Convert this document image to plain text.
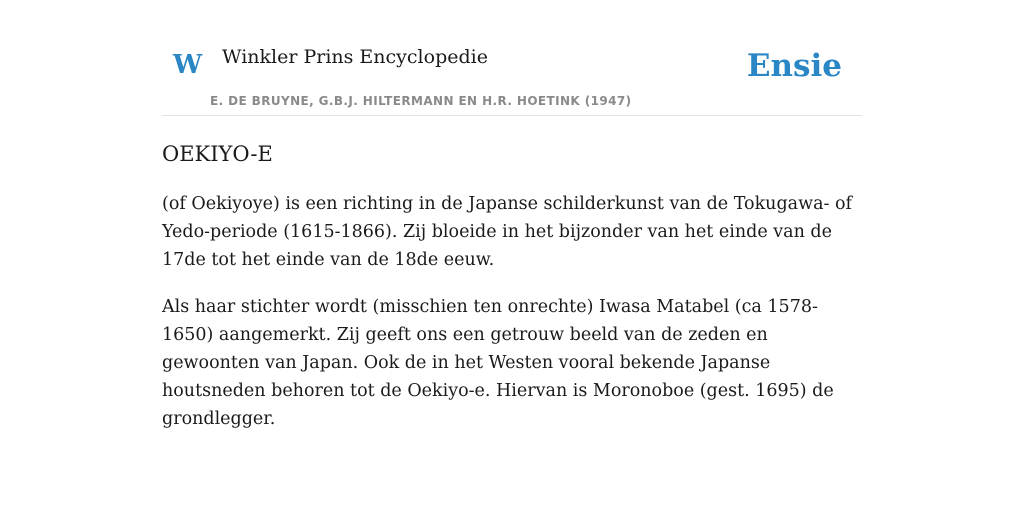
W Winkler Prins Encyclopedie
E. DE BRUYNE, G.B.J. HILTERMANN EN H.R. HOETINK (1947)
Ensie
OEKIYO-E

(of Oekiyoye) is een richting in de Japanse schilderkunst van de Tokugawa- of Yedo-periode (1615-1866). Zij bloeide in het bijzonder van het einde van de 17de tot het einde van de 18de eeuw.

Als haar stichter wordt (misschien ten onrechte) Iwasa Matabel (ca 1578-1650) aangemerkt. Zij geeft ons een getrouw beeld van de zeden en gewoonten van Japan. Ook de in het Westen vooral bekende Japanse houtsneden behoren tot de Oekiyo-e. Hiervan is Moronoboe (gest. 1695) de grondlegger.
